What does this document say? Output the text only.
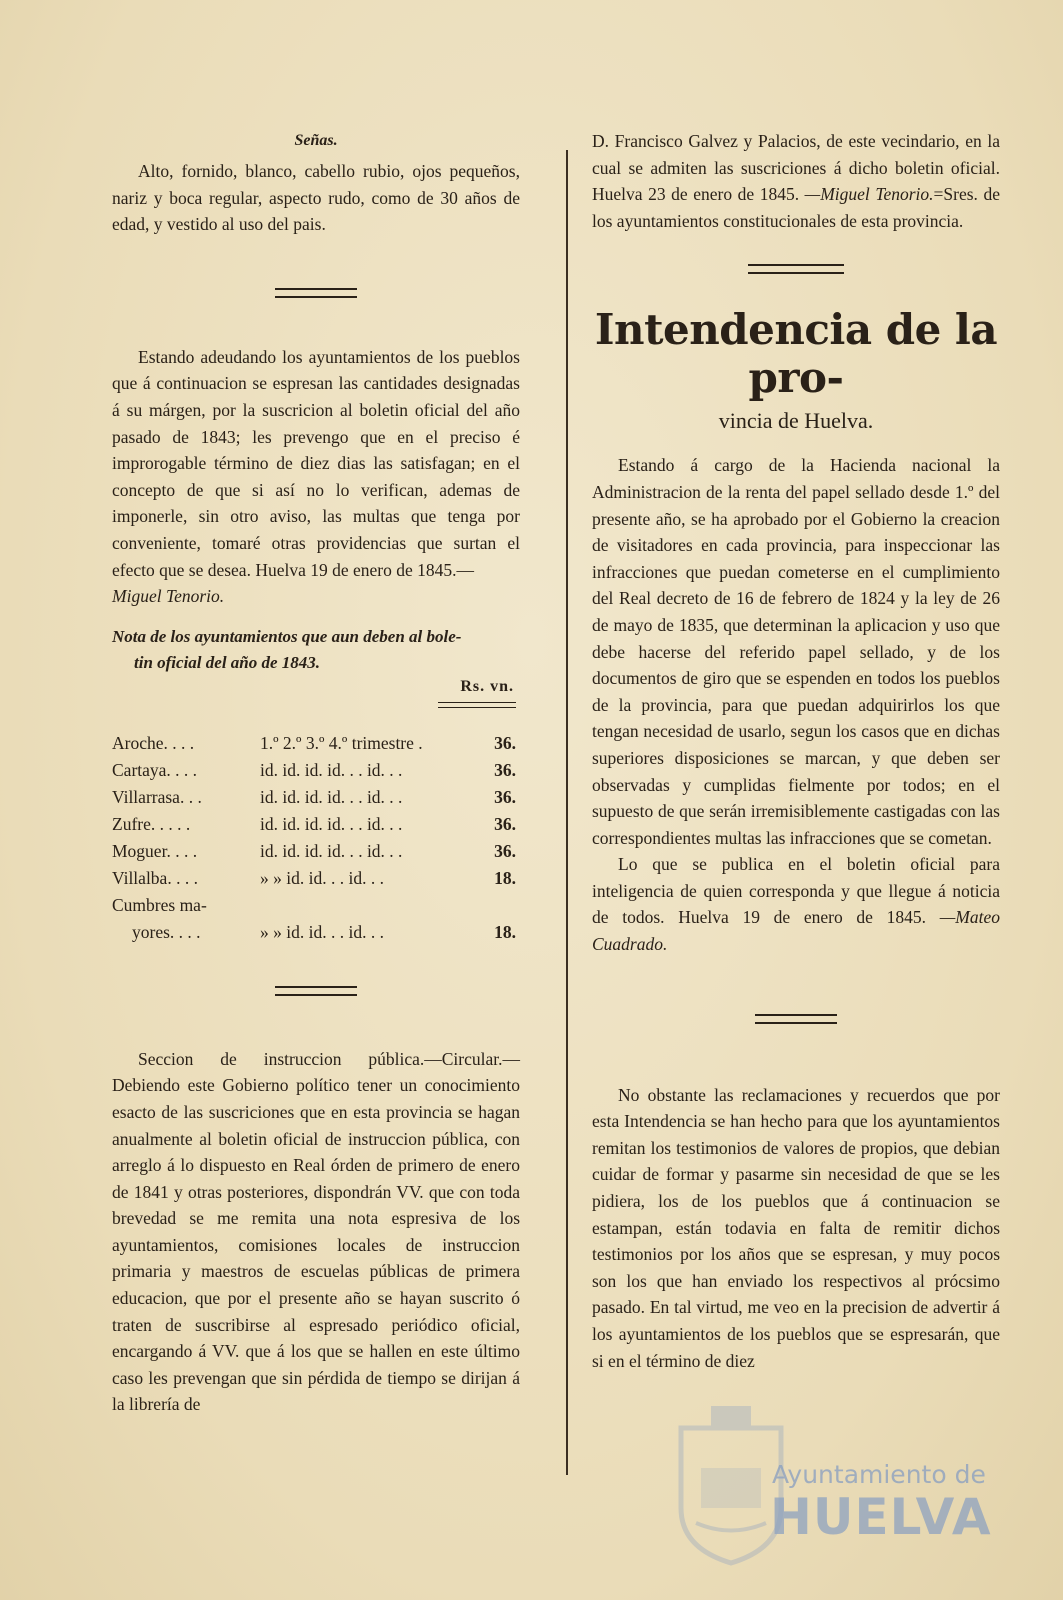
Señas.

Alto, fornido, blanco, cabello rubio, ojos pequeños, nariz y boca regular, aspecto rudo, como de 30 años de edad, y vestido al uso del pais.

Estando adeudando los ayuntamientos de los pueblos que á continuacion se espresan las cantidades designadas á su márgen, por la suscricion al boletin oficial del año pasado de 1843; les prevengo que en el preciso é improrogable término de diez dias las satisfagan; en el concepto de que si así no lo verifican, ademas de imponerle, sin otro aviso, las multas que tenga por conveniente, tomaré otras providencias que surtan el efecto que se desea. Huelva 19 de enero de 1845.—
Miguel Tenorio.

Nota de los ayuntamientos que aun deben al bole-
tin oficial del año de 1843.
Rs. vn.
Aroche. . . .	1.º 2.º 3.º 4.º trimestre .	36.
Cartaya. . . .	id. id. id. id. . . id. . .	36.
Villarrasa. . .	id. id. id. id. . . id. . .	36.
Zufre. . . . .	id. id. id. id. . . id. . .	36.
Moguer. . . .	id. id. id. id. . . id. . .	36.
Villalba. . . .	» » id. id. . . id. . .	18.
Cumbres ma-		
yores. . . .	» » id. id. . . id. . .	18.

Seccion de instruccion pública.—Circular.— Debiendo este Gobierno político tener un conocimiento esacto de las suscriciones que en esta provincia se hagan anualmente al boletin oficial de instruccion pública, con arreglo á lo dispuesto en Real órden de primero de enero de 1841 y otras posteriores, dispondrán VV. que con toda brevedad se me remita una nota espresiva de los ayuntamientos, comisiones locales de instruccion primaria y maestros de escuelas públicas de primera educacion, que por el presente año se hayan suscrito ó traten de suscribirse al espresado periódico oficial, encargando á VV. que á los que se hallen en este último caso les prevengan que sin pérdida de tiempo se dirijan á la librería de

D. Francisco Galvez y Palacios, de este vecindario, en la cual se admiten las suscriciones á dicho boletin oficial. Huelva 23 de enero de 1845. —Miguel Tenorio.=Sres. de los ayuntamientos constitucionales de esta provincia.

Intendencia de la pro-
vincia de Huelva.

Estando á cargo de la Hacienda nacional la Administracion de la renta del papel sellado desde 1.º del presente año, se ha aprobado por el Gobierno la creacion de visitadores en cada provincia, para inspeccionar las infracciones que puedan cometerse en el cumplimiento del Real decreto de 16 de febrero de 1824 y la ley de 26 de mayo de 1835, que determinan la aplicacion y uso que debe hacerse del referido papel sellado, y de los documentos de giro que se espenden en todos los pueblos de la provincia, para que puedan adquirirlos los que tengan necesidad de usarlo, segun los casos que en dichas superiores disposiciones se marcan, y que deben ser observadas y cumplidas fielmente por todos; en el supuesto de que serán irremisiblemente castigadas con las correspondientes multas las infracciones que se cometan.

Lo que se publica en el boletin oficial para inteligencia de quien corresponda y que llegue á noticia de todos. Huelva 19 de enero de 1845. —Mateo Cuadrado.

No obstante las reclamaciones y recuerdos que por esta Intendencia se han hecho para que los ayuntamientos remitan los testimonios de valores de propios, que debian cuidar de formar y pasarme sin necesidad de que se les pidiera, los de los pueblos que á continuacion se estampan, están todavia en falta de remitir dichos testimonios por los años que se espresan, y muy pocos son los que han enviado los respectivos al prócsimo pasado. En tal virtud, me veo en la precision de advertir á los ayuntamientos de los pueblos que se espresarán, que si en el término de diez

Ayuntamiento de
HUELVA
